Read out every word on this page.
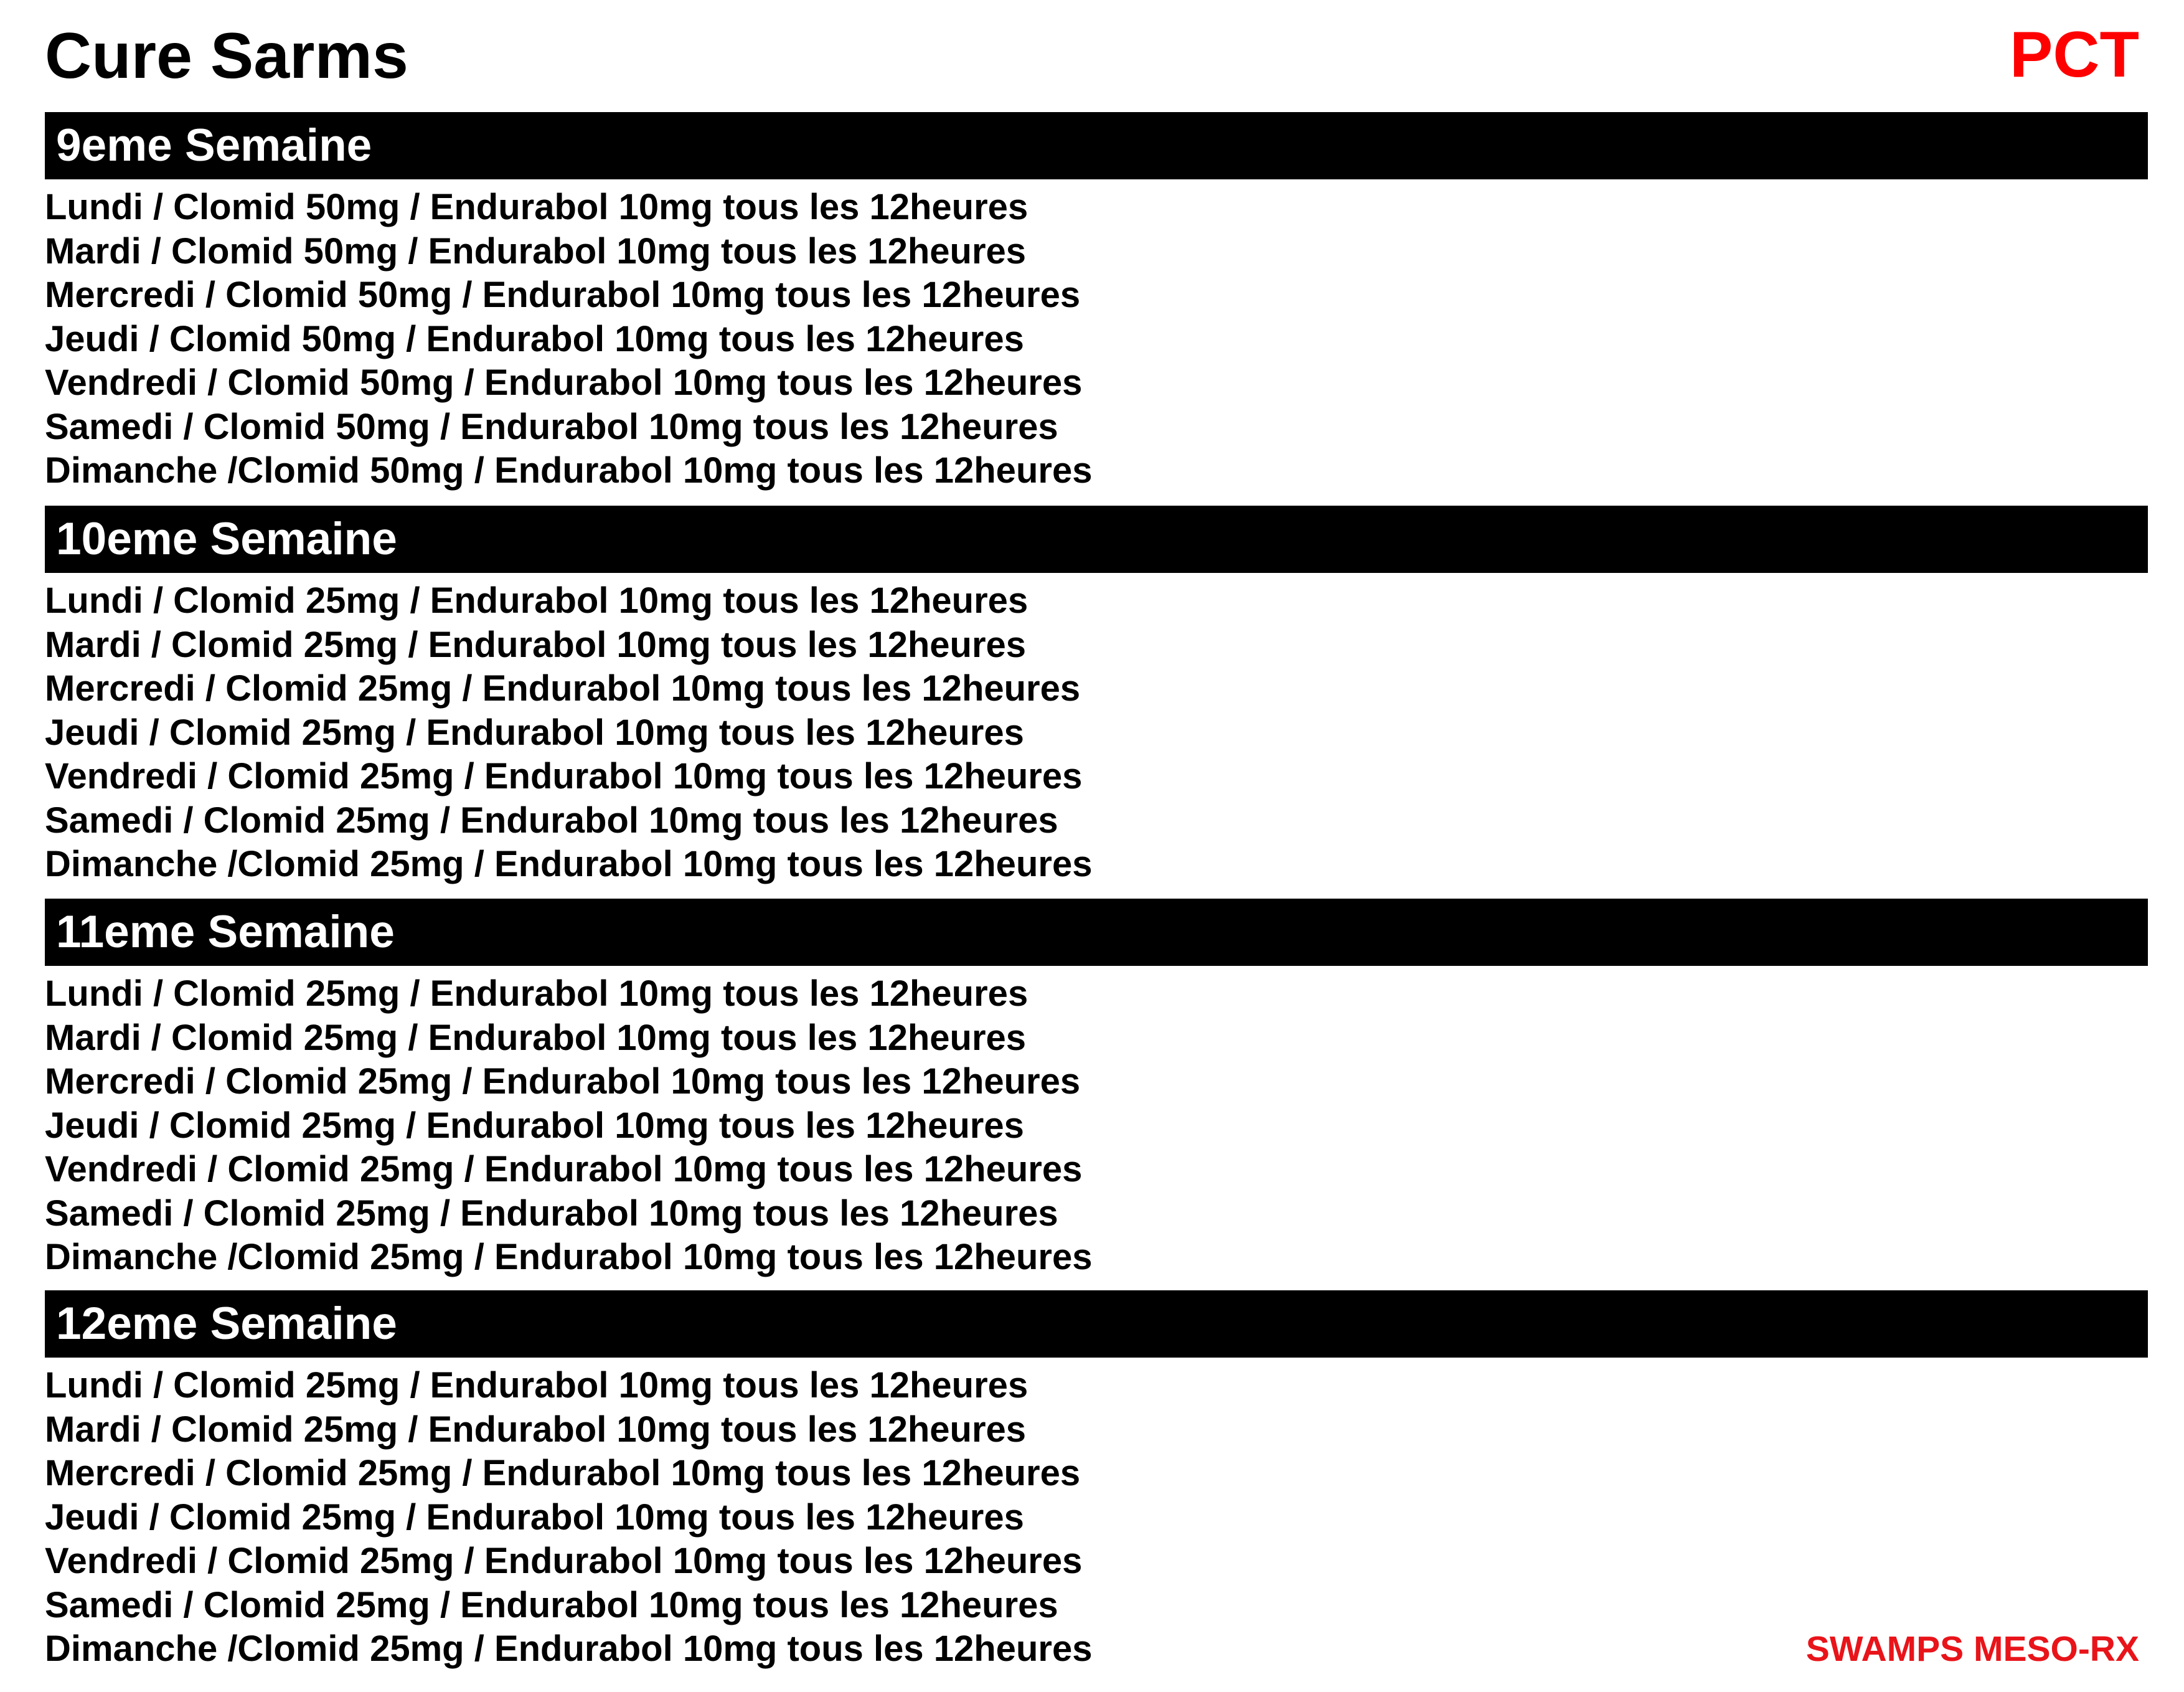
Cure Sarms	PCT
9eme Semaine
Lundi / Clomid 50mg / Endurabol 10mg tous les 12heures
Mardi / Clomid 50mg / Endurabol 10mg tous les 12heures
Mercredi / Clomid 50mg / Endurabol 10mg tous les 12heures
Jeudi / Clomid 50mg / Endurabol 10mg tous les 12heures
Vendredi / Clomid 50mg / Endurabol 10mg tous les 12heures
Samedi / Clomid 50mg / Endurabol 10mg tous les 12heures
Dimanche /Clomid 50mg / Endurabol 10mg tous les 12heures
10eme Semaine
Lundi / Clomid 25mg / Endurabol 10mg tous les 12heures
Mardi / Clomid 25mg / Endurabol 10mg tous les 12heures
Mercredi / Clomid 25mg / Endurabol 10mg tous les 12heures
Jeudi / Clomid 25mg / Endurabol 10mg tous les 12heures
Vendredi / Clomid 25mg / Endurabol 10mg tous les 12heures
Samedi / Clomid 25mg / Endurabol 10mg tous les 12heures
Dimanche /Clomid 25mg / Endurabol 10mg tous les 12heures
11eme Semaine
Lundi / Clomid 25mg / Endurabol 10mg tous les 12heures
Mardi / Clomid 25mg / Endurabol 10mg tous les 12heures
Mercredi / Clomid 25mg / Endurabol 10mg tous les 12heures
Jeudi / Clomid 25mg / Endurabol 10mg tous les 12heures
Vendredi / Clomid 25mg / Endurabol 10mg tous les 12heures
Samedi / Clomid 25mg / Endurabol 10mg tous les 12heures
Dimanche /Clomid 25mg / Endurabol 10mg tous les 12heures
12eme Semaine
Lundi / Clomid 25mg / Endurabol 10mg tous les 12heures
Mardi / Clomid 25mg / Endurabol 10mg tous les 12heures
Mercredi / Clomid 25mg / Endurabol 10mg tous les 12heures
Jeudi / Clomid 25mg / Endurabol 10mg tous les 12heures
Vendredi / Clomid 25mg / Endurabol 10mg tous les 12heures
Samedi / Clomid 25mg / Endurabol 10mg tous les 12heures
Dimanche /Clomid 25mg / Endurabol 10mg tous les 12heures	SWAMPS MESO-RX
